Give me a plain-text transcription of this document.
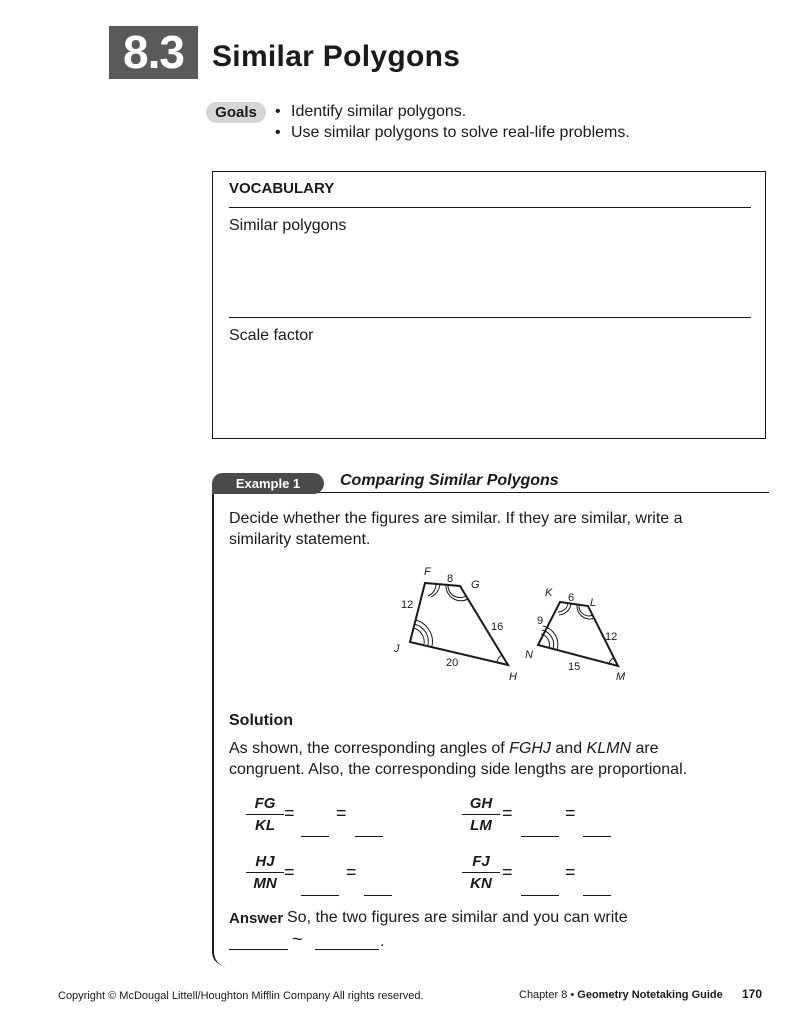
8.3 Similar Polygons
Goals	• Identify similar polygons.
• Use similar polygons to solve real-life problems.
VOCABULARY
Similar polygons
Scale factor
Example 1	Comparing Similar Polygons
Decide whether the figures are similar. If they are similar, write a
similarity statement.
F
G
H
J
8
16
20
12
K
L
M
N
6
12
15
9
Solution
As shown, the corresponding angles of FGHJ and KLMN are
congruent. Also, the corresponding side lengths are proportional.
$\frac{FG}{KL}$ = =	$\frac{GH}{LM}$ =	=
$\frac{HJ}{MN}$ =	=	$\frac{FJ}{KN}$ =	=
Answer So, the two figures are similar and you can write
~	.
Copyright © McDougal Littell/Houghton Mifflin Company All rights reserved.	Chapter 8 • Geometry Notetaking Guide 170
